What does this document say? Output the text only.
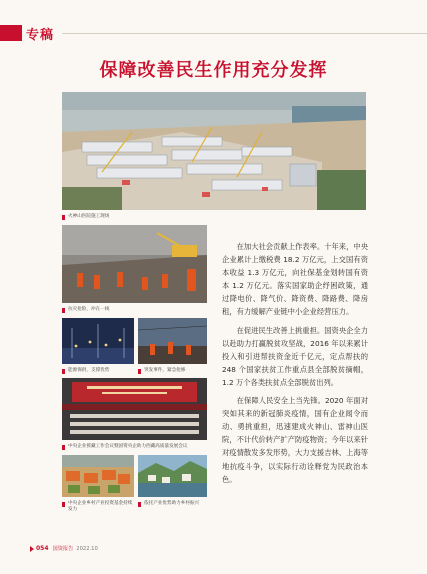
专稿
保障改善民生作用充分发挥
火神山医院施工现场
抗灾抢险，冲在一线
能源保供，支撑优势	突发事件，紧急抢修
中央企业援藏工作会议暨国资央企助力西藏高质量发展会议
中央企业乡村产业投资基金持续发力
依托产业优势助力乡村振兴

在加大社会贡献上作表率。十年来，中央企业累计上缴税费 18.2 万亿元，上交国有资本收益 1.3 万亿元，向社保基金划转国有资本 1.2 万亿元。落实国家助企纾困政策，通过降电价、降气价、降资费、降路费、降房租，有力缓解产业链中小企业经营压力。

在促进民生改善上挑重担。国资央企全力以赴助力打赢脱贫攻坚战，2016 年以来累计投入和引进帮扶资金近千亿元，定点帮扶的 248 个国家扶贫工作重点县全部脱贫摘帽，1.2 万个各类扶贫点全部脱贫出列。

在保障人民安全上当先锋。2020 年面对突如其来的新冠肺炎疫情，国有企业闻令而动、勇挑重担，迅速建成火神山、雷神山医院，不计代价转产扩产防疫物资；今年以来针对疫情散发多发形势，大力支援吉林、上海等地抗疫斗争，以实际行动诠释党为民政治本色。

054 国资报告 2022.10
